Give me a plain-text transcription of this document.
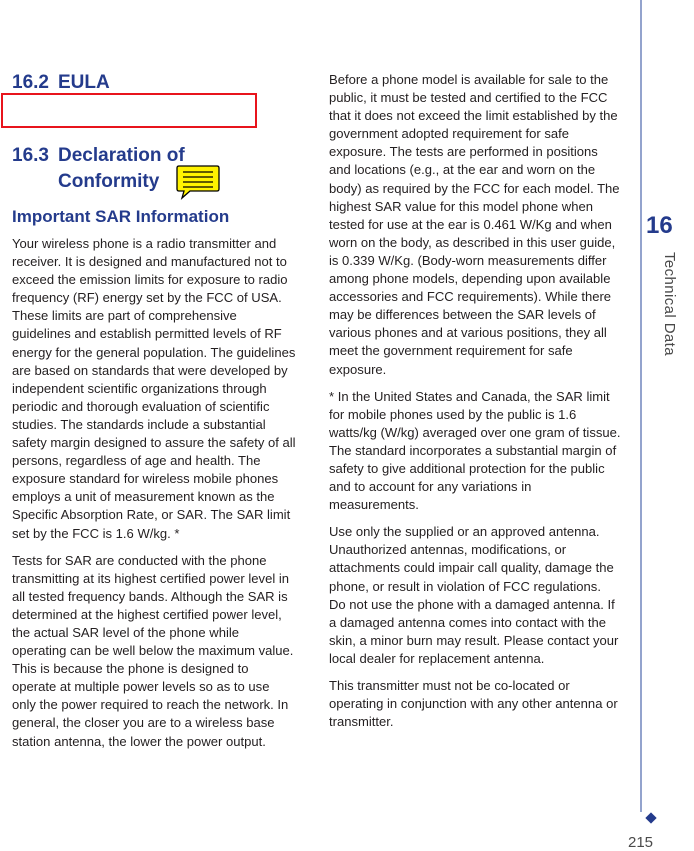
16.2 EULA
16.3 Declaration of
Conformity
Important SAR Information

Your wireless phone is a radio transmitter and receiver. It is designed and manufactured not to exceed the emission limits for exposure to radio frequency (RF) energy set by the FCC of USA. These limits are part of comprehensive guidelines and establish permitted levels of RF energy for the general population. The guidelines are based on standards that were developed by independent scientific organizations through periodic and thorough evaluation of scientific studies. The standards include a substantial safety margin designed to assure the safety of all persons, regardless of age and health. The exposure standard for wireless mobile phones employs a unit of measurement known as the Specific Absorption Rate, or SAR. The SAR limit set by the FCC is 1.6 W/kg. *

Tests for SAR are conducted with the phone transmitting at its highest certified power level in all tested frequency bands. Although the SAR is determined at the highest certified power level, the actual SAR level of the phone while operating can be well below the maximum value. This is because the phone is designed to operate at multiple power levels so as to use only the power required to reach the network. In general, the closer you are to a wireless base station antenna, the lower the power output.

Before a phone model is available for sale to the public, it must be tested and certified to the FCC that it does not exceed the limit established by the government adopted requirement for safe exposure. The tests are performed in positions and locations (e.g., at the ear and worn on the body) as required by the FCC for each model. The highest SAR value for this model phone when tested for use at the ear is 0.461 W/Kg and when worn on the body, as described in this user guide, is 0.339 W/Kg. (Body-worn measurements differ among phone models, depending upon available accessories and FCC requirements). While there may be differences between the SAR levels of various phones and at various positions, they all meet the government requirement for safe exposure.

* In the United States and Canada, the SAR limit for mobile phones used by the public is 1.6 watts/kg (W/kg) averaged over one gram of tissue. The standard incorporates a substantial margin of safety to give additional protection for the public and to account for any variations in measurements.

Use only the supplied or an approved antenna. Unauthorized antennas, modifications, or attachments could impair call quality, damage the phone, or result in violation of FCC regulations. Do not use the phone with a damaged antenna. If a damaged antenna comes into contact with the skin, a minor burn may result. Please contact your local dealer for replacement antenna.

This transmitter must not be co-located or operating in conjunction with any other antenna or transmitter.

16
Technical Data
215
